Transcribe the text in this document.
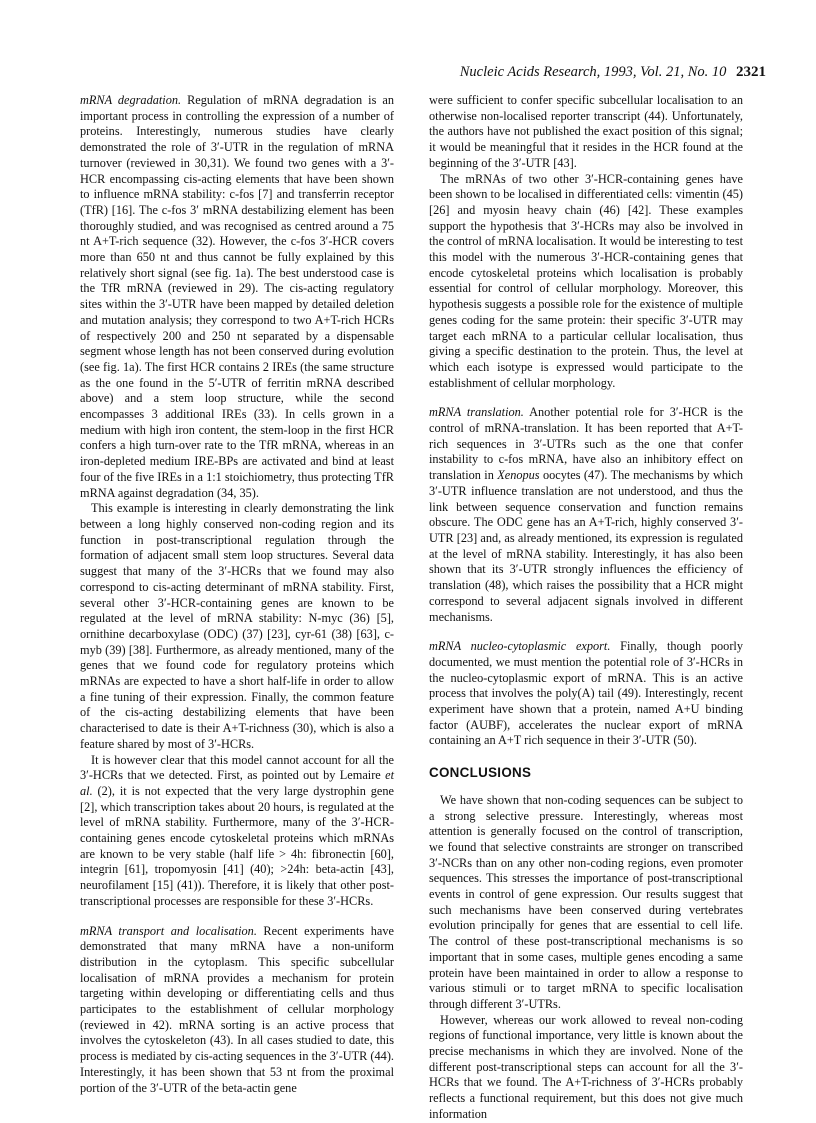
Nucleic Acids Research, 1993, Vol. 21, No. 10 2321

mRNA degradation. Regulation of mRNA degradation is an important process in controlling the expression of a number of proteins. Interestingly, numerous studies have clearly demonstrated the role of 3′-UTR in the regulation of mRNA turnover (reviewed in 30,31). We found two genes with a 3′-HCR encompassing cis-acting elements that have been shown to influence mRNA stability: c-fos [7] and transferrin receptor (TfR) [16]. The c-fos 3′ mRNA destabilizing element has been thoroughly studied, and was recognised as centred around a 75 nt A+T-rich sequence (32). However, the c-fos 3′-HCR covers more than 650 nt and thus cannot be fully explained by this relatively short signal (see fig. 1a). The best understood case is the TfR mRNA (reviewed in 29). The cis-acting regulatory sites within the 3′-UTR have been mapped by detailed deletion and mutation analysis; they correspond to two A+T-rich HCRs of respectively 200 and 250 nt separated by a dispensable segment whose length has not been conserved during evolution (see fig. 1a). The first HCR contains 2 IREs (the same structure as the one found in the 5′-UTR of ferritin mRNA described above) and a stem loop structure, while the second encompasses 3 additional IREs (33). In cells grown in a medium with high iron content, the stem-loop in the first HCR confers a high turn-over rate to the TfR mRNA, whereas in an iron-depleted medium IRE-BPs are activated and bind at least four of the five IREs in a 1:1 stoichiometry, thus protecting TfR mRNA against degradation (34, 35).

This example is interesting in clearly demonstrating the link between a long highly conserved non-coding region and its function in post-transcriptional regulation through the formation of adjacent small stem loop structures. Several data suggest that many of the 3′-HCRs that we found may also correspond to cis-acting determinant of mRNA stability. First, several other 3′-HCR-containing genes are known to be regulated at the level of mRNA stability: N-myc (36) [5], ornithine decarboxylase (ODC) (37) [23], cyr-61 (38) [63], c-myb (39) [38]. Furthermore, as already mentioned, many of the genes that we found code for regulatory proteins which mRNAs are expected to have a short half-life in order to allow a fine tuning of their expression. Finally, the common feature of the cis-acting destabilizing elements that have been characterised to date is their A+T-richness (30), which is also a feature shared by most of 3′-HCRs.

It is however clear that this model cannot account for all the 3′-HCRs that we detected. First, as pointed out by Lemaire et al. (2), it is not expected that the very large dystrophin gene [2], which transcription takes about 20 hours, is regulated at the level of mRNA stability. Furthermore, many of the 3′-HCR-containing genes encode cytoskeletal proteins which mRNAs are known to be very stable (half life > 4h: fibronectin [60], integrin [61], tropomyosin [41] (40); >24h: beta-actin [43], neurofilament [15] (41)). Therefore, it is likely that other post-transcriptional processes are responsible for these 3′-HCRs.

mRNA transport and localisation. Recent experiments have demonstrated that many mRNA have a non-uniform distribution in the cytoplasm. This specific subcellular localisation of mRNA provides a mechanism for protein targeting within developing or differentiating cells and thus participates to the establishment of cellular morphology (reviewed in 42). mRNA sorting is an active process that involves the cytoskeleton (43). In all cases studied to date, this process is mediated by cis-acting sequences in the 3′-UTR (44). Interestingly, it has been shown that 53 nt from the proximal portion of the 3′-UTR of the beta-actin gene

were sufficient to confer specific subcellular localisation to an otherwise non-localised reporter transcript (44). Unfortunately, the authors have not published the exact position of this signal; it would be meaningful that it resides in the HCR found at the beginning of the 3′-UTR [43].

The mRNAs of two other 3′-HCR-containing genes have been shown to be localised in differentiated cells: vimentin (45) [26] and myosin heavy chain (46) [42]. These examples support the hypothesis that 3′-HCRs may also be involved in the control of mRNA localisation. It would be interesting to test this model with the numerous 3′-HCR-containing genes that encode cytoskeletal proteins which localisation is probably essential for control of cellular morphology. Moreover, this hypothesis suggests a possible role for the existence of multiple genes coding for the same protein: their specific 3′-UTR may target each mRNA to a particular cellular localisation, thus giving a specific destination to the protein. Thus, the level at which each isotype is expressed would participate to the establishment of cellular morphology.

mRNA translation. Another potential role for 3′-HCR is the control of mRNA-translation. It has been reported that A+T-rich sequences in 3′-UTRs such as the one that confer instability to c-fos mRNA, have also an inhibitory effect on translation in Xenopus oocytes (47). The mechanisms by which 3′-UTR influence translation are not understood, and thus the link between sequence conservation and function remains obscure. The ODC gene has an A+T-rich, highly conserved 3′-UTR [23] and, as already mentioned, its expression is regulated at the level of mRNA stability. Interestingly, it has also been shown that its 3′-UTR strongly influences the efficiency of translation (48), which raises the possibility that a HCR might correspond to several adjacent signals involved in different mechanisms.

mRNA nucleo-cytoplasmic export. Finally, though poorly documented, we must mention the potential role of 3′-HCRs in the nucleo-cytoplasmic export of mRNA. This is an active process that involves the poly(A) tail (49). Interestingly, recent experiment have shown that a protein, named A+U binding factor (AUBF), accelerates the nuclear export of mRNA containing an A+T rich sequence in their 3′-UTR (50).

CONCLUSIONS

We have shown that non-coding sequences can be subject to a strong selective pressure. Interestingly, whereas most attention is generally focused on the control of transcription, we found that selective constraints are stronger on transcribed 3′-NCRs than on any other non-coding regions, even promoter sequences. This stresses the importance of post-transcriptional events in control of gene expression. Our results suggest that such mechanisms have been conserved during vertebrates evolution principally for genes that are essential to cell life. The control of these post-transcriptional mechanisms is so important that in some cases, multiple genes encoding a same protein have been maintained in order to allow a response to various stimuli or to target mRNA to specific localisation through different 3′-UTRs.

However, whereas our work allowed to reveal non-coding regions of functional importance, very little is known about the precise mechanisms in which they are involved. None of the different post-transcriptional steps can account for all the 3′-HCRs that we found. The A+T-richness of 3′-HCRs probably reflects a functional requirement, but this does not give much information
